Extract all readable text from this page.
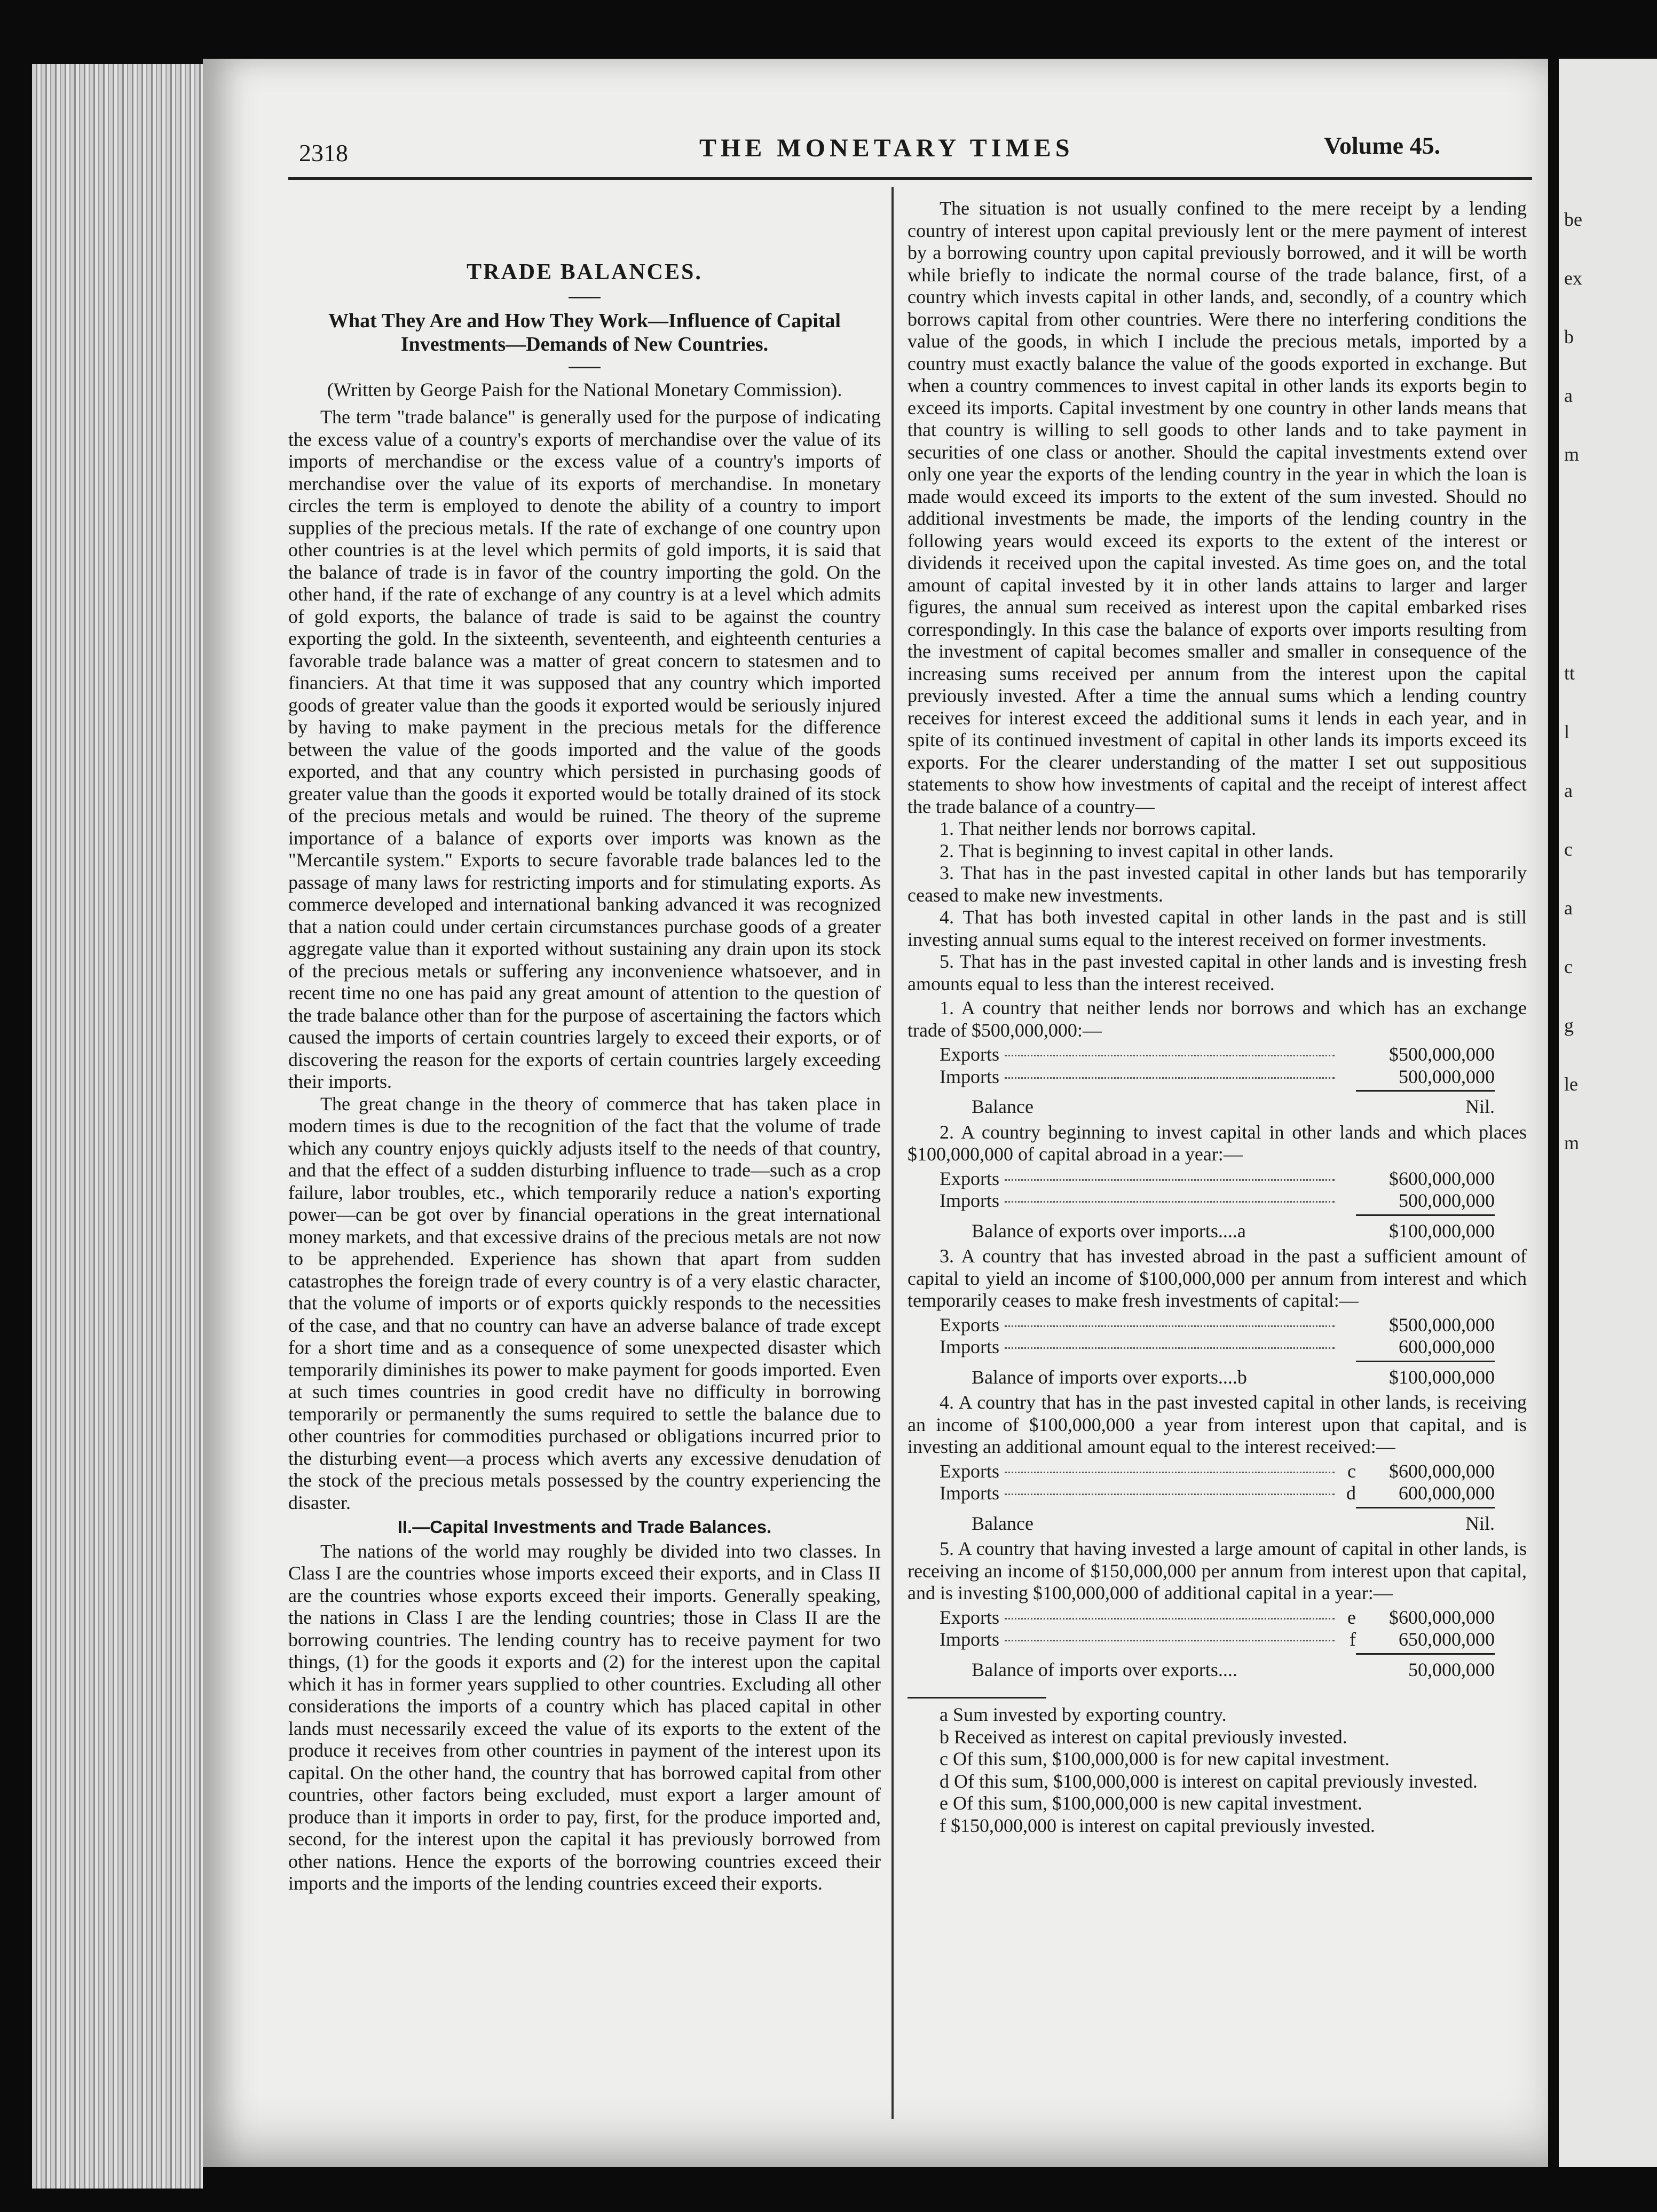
be
ex
b
a
m
tt
l
a
c
a
c
g
le
m
2318	THE MONETARY TIMES	Volume 45.
TRADE BALANCES.
What They Are and How They Work—Influence of Capital Investments—Demands of New Countries.
(Written by George Paish for the National Monetary Commission).

The term "trade balance" is generally used for the purpose of indicating the excess value of a country's exports of merchandise over the value of its imports of merchandise or the excess value of a country's imports of merchandise over the value of its exports of merchandise. In monetary circles the term is employed to denote the ability of a country to import supplies of the precious metals. If the rate of exchange of one country upon other countries is at the level which permits of gold imports, it is said that the balance of trade is in favor of the country importing the gold. On the other hand, if the rate of exchange of any country is at a level which admits of gold exports, the balance of trade is said to be against the country exporting the gold. In the sixteenth, seventeenth, and eighteenth centuries a favorable trade balance was a matter of great concern to statesmen and to financiers. At that time it was supposed that any country which imported goods of greater value than the goods it exported would be seriously injured by having to make payment in the precious metals for the difference between the value of the goods imported and the value of the goods exported, and that any country which persisted in purchasing goods of greater value than the goods it exported would be totally drained of its stock of the precious metals and would be ruined. The theory of the supreme importance of a balance of exports over imports was known as the "Mercantile system." Exports to secure favorable trade balances led to the passage of many laws for restricting imports and for stimulating exports. As commerce developed and international banking advanced it was recognized that a nation could under certain circumstances purchase goods of a greater aggregate value than it exported without sustaining any drain upon its stock of the precious metals or suffering any inconvenience whatsoever, and in recent time no one has paid any great amount of attention to the question of the trade balance other than for the purpose of ascertaining the factors which caused the imports of certain countries largely to exceed their exports, or of discovering the reason for the exports of certain countries largely exceeding their imports.

The great change in the theory of commerce that has taken place in modern times is due to the recognition of the fact that the volume of trade which any country enjoys quickly adjusts itself to the needs of that country, and that the effect of a sudden disturbing influence to trade—such as a crop failure, labor troubles, etc., which temporarily reduce a nation's exporting power—can be got over by financial operations in the great international money markets, and that excessive drains of the precious metals are not now to be apprehended. Experience has shown that apart from sudden catastrophes the foreign trade of every country is of a very elastic character, that the volume of imports or of exports quickly responds to the necessities of the case, and that no country can have an adverse balance of trade except for a short time and as a consequence of some unexpected disaster which temporarily diminishes its power to make payment for goods imported. Even at such times countries in good credit have no difficulty in borrowing temporarily or permanently the sums required to settle the balance due to other countries for commodities purchased or obligations incurred prior to the disturbing event—a process which averts any excessive denudation of the stock of the precious metals possessed by the country experiencing the disaster.

II.—Capital Investments and Trade Balances.

The nations of the world may roughly be divided into two classes. In Class I are the countries whose imports exceed their exports, and in Class II are the countries whose exports exceed their imports. Generally speaking, the nations in Class I are the lending countries; those in Class II are the borrowing countries. The lending country has to receive payment for two things, (1) for the goods it exports and (2) for the interest upon the capital which it has in former years supplied to other countries. Excluding all other considerations the imports of a country which has placed capital in other lands must necessarily exceed the value of its exports to the extent of the produce it receives from other countries in payment of the interest upon its capital. On the other hand, the country that has borrowed capital from other countries, other factors being excluded, must export a larger amount of produce than it imports in order to pay, first, for the produce imported and, second, for the interest upon the capital it has previously borrowed from other nations. Hence the exports of the borrowing countries exceed their imports and the imports of the lending countries exceed their exports.

The situation is not usually confined to the mere receipt by a lending country of interest upon capital previously lent or the mere payment of interest by a borrowing country upon capital previously borrowed, and it will be worth while briefly to indicate the normal course of the trade balance, first, of a country which invests capital in other lands, and, secondly, of a country which borrows capital from other countries. Were there no interfering conditions the value of the goods, in which I include the precious metals, imported by a country must exactly balance the value of the goods exported in exchange. But when a country commences to invest capital in other lands its exports begin to exceed its imports. Capital investment by one country in other lands means that that country is willing to sell goods to other lands and to take payment in securities of one class or another. Should the capital investments extend over only one year the exports of the lending country in the year in which the loan is made would exceed its imports to the extent of the sum invested. Should no additional investments be made, the imports of the lending country in the following years would exceed its exports to the extent of the interest or dividends it received upon the capital invested. As time goes on, and the total amount of capital invested by it in other lands attains to larger and larger figures, the annual sum received as interest upon the capital embarked rises correspondingly. In this case the balance of exports over imports resulting from the investment of capital becomes smaller and smaller in consequence of the increasing sums received per annum from the interest upon the capital previously invested. After a time the annual sums which a lending country receives for interest exceed the additional sums it lends in each year, and in spite of its continued investment of capital in other lands its imports exceed its exports. For the clearer understanding of the matter I set out suppositious statements to show how investments of capital and the receipt of interest affect the trade balance of a country—

1. That neither lends nor borrows capital.
2. That is beginning to invest capital in other lands.
3. That has in the past invested capital in other lands but has temporarily ceased to make new investments.
4. That has both invested capital in other lands in the past and is still investing annual sums equal to the interest received on former investments.
5. That has in the past invested capital in other lands and is investing fresh amounts equal to less than the interest received.
1. A country that neither lends nor borrows and which has an exchange trade of $500,000,000:—
Exports	$500,000,000
Imports	500,000,000
Balance	Nil.
2. A country beginning to invest capital in other lands and which places $100,000,000 of capital abroad in a year:—
Exports	$600,000,000
Imports	500,000,000
Balance of exports over imports....a	$100,000,000
3. A country that has invested abroad in the past a sufficient amount of capital to yield an income of $100,000,000 per annum from interest and which temporarily ceases to make fresh investments of capital:—
Exports	$500,000,000
Imports	600,000,000
Balance of imports over exports....b	$100,000,000
4. A country that has in the past invested capital in other lands, is receiving an income of $100,000,000 a year from interest upon that capital, and is investing an additional amount equal to the interest received:—
Exports	c	$600,000,000
Imports	d	600,000,000
Balance	Nil.
5. A country that having invested a large amount of capital in other lands, is receiving an income of $150,000,000 per annum from interest upon that capital, and is investing $100,000,000 of additional capital in a year:—
Exports	e	$600,000,000
Imports	f	650,000,000
Balance of imports over exports....	50,000,000
a Sum invested by exporting country.
b Received as interest on capital previously invested.
c Of this sum, $100,000,000 is for new capital investment.
d Of this sum, $100,000,000 is interest on capital previously invested.
e Of this sum, $100,000,000 is new capital investment.
f $150,000,000 is interest on capital previously invested.
